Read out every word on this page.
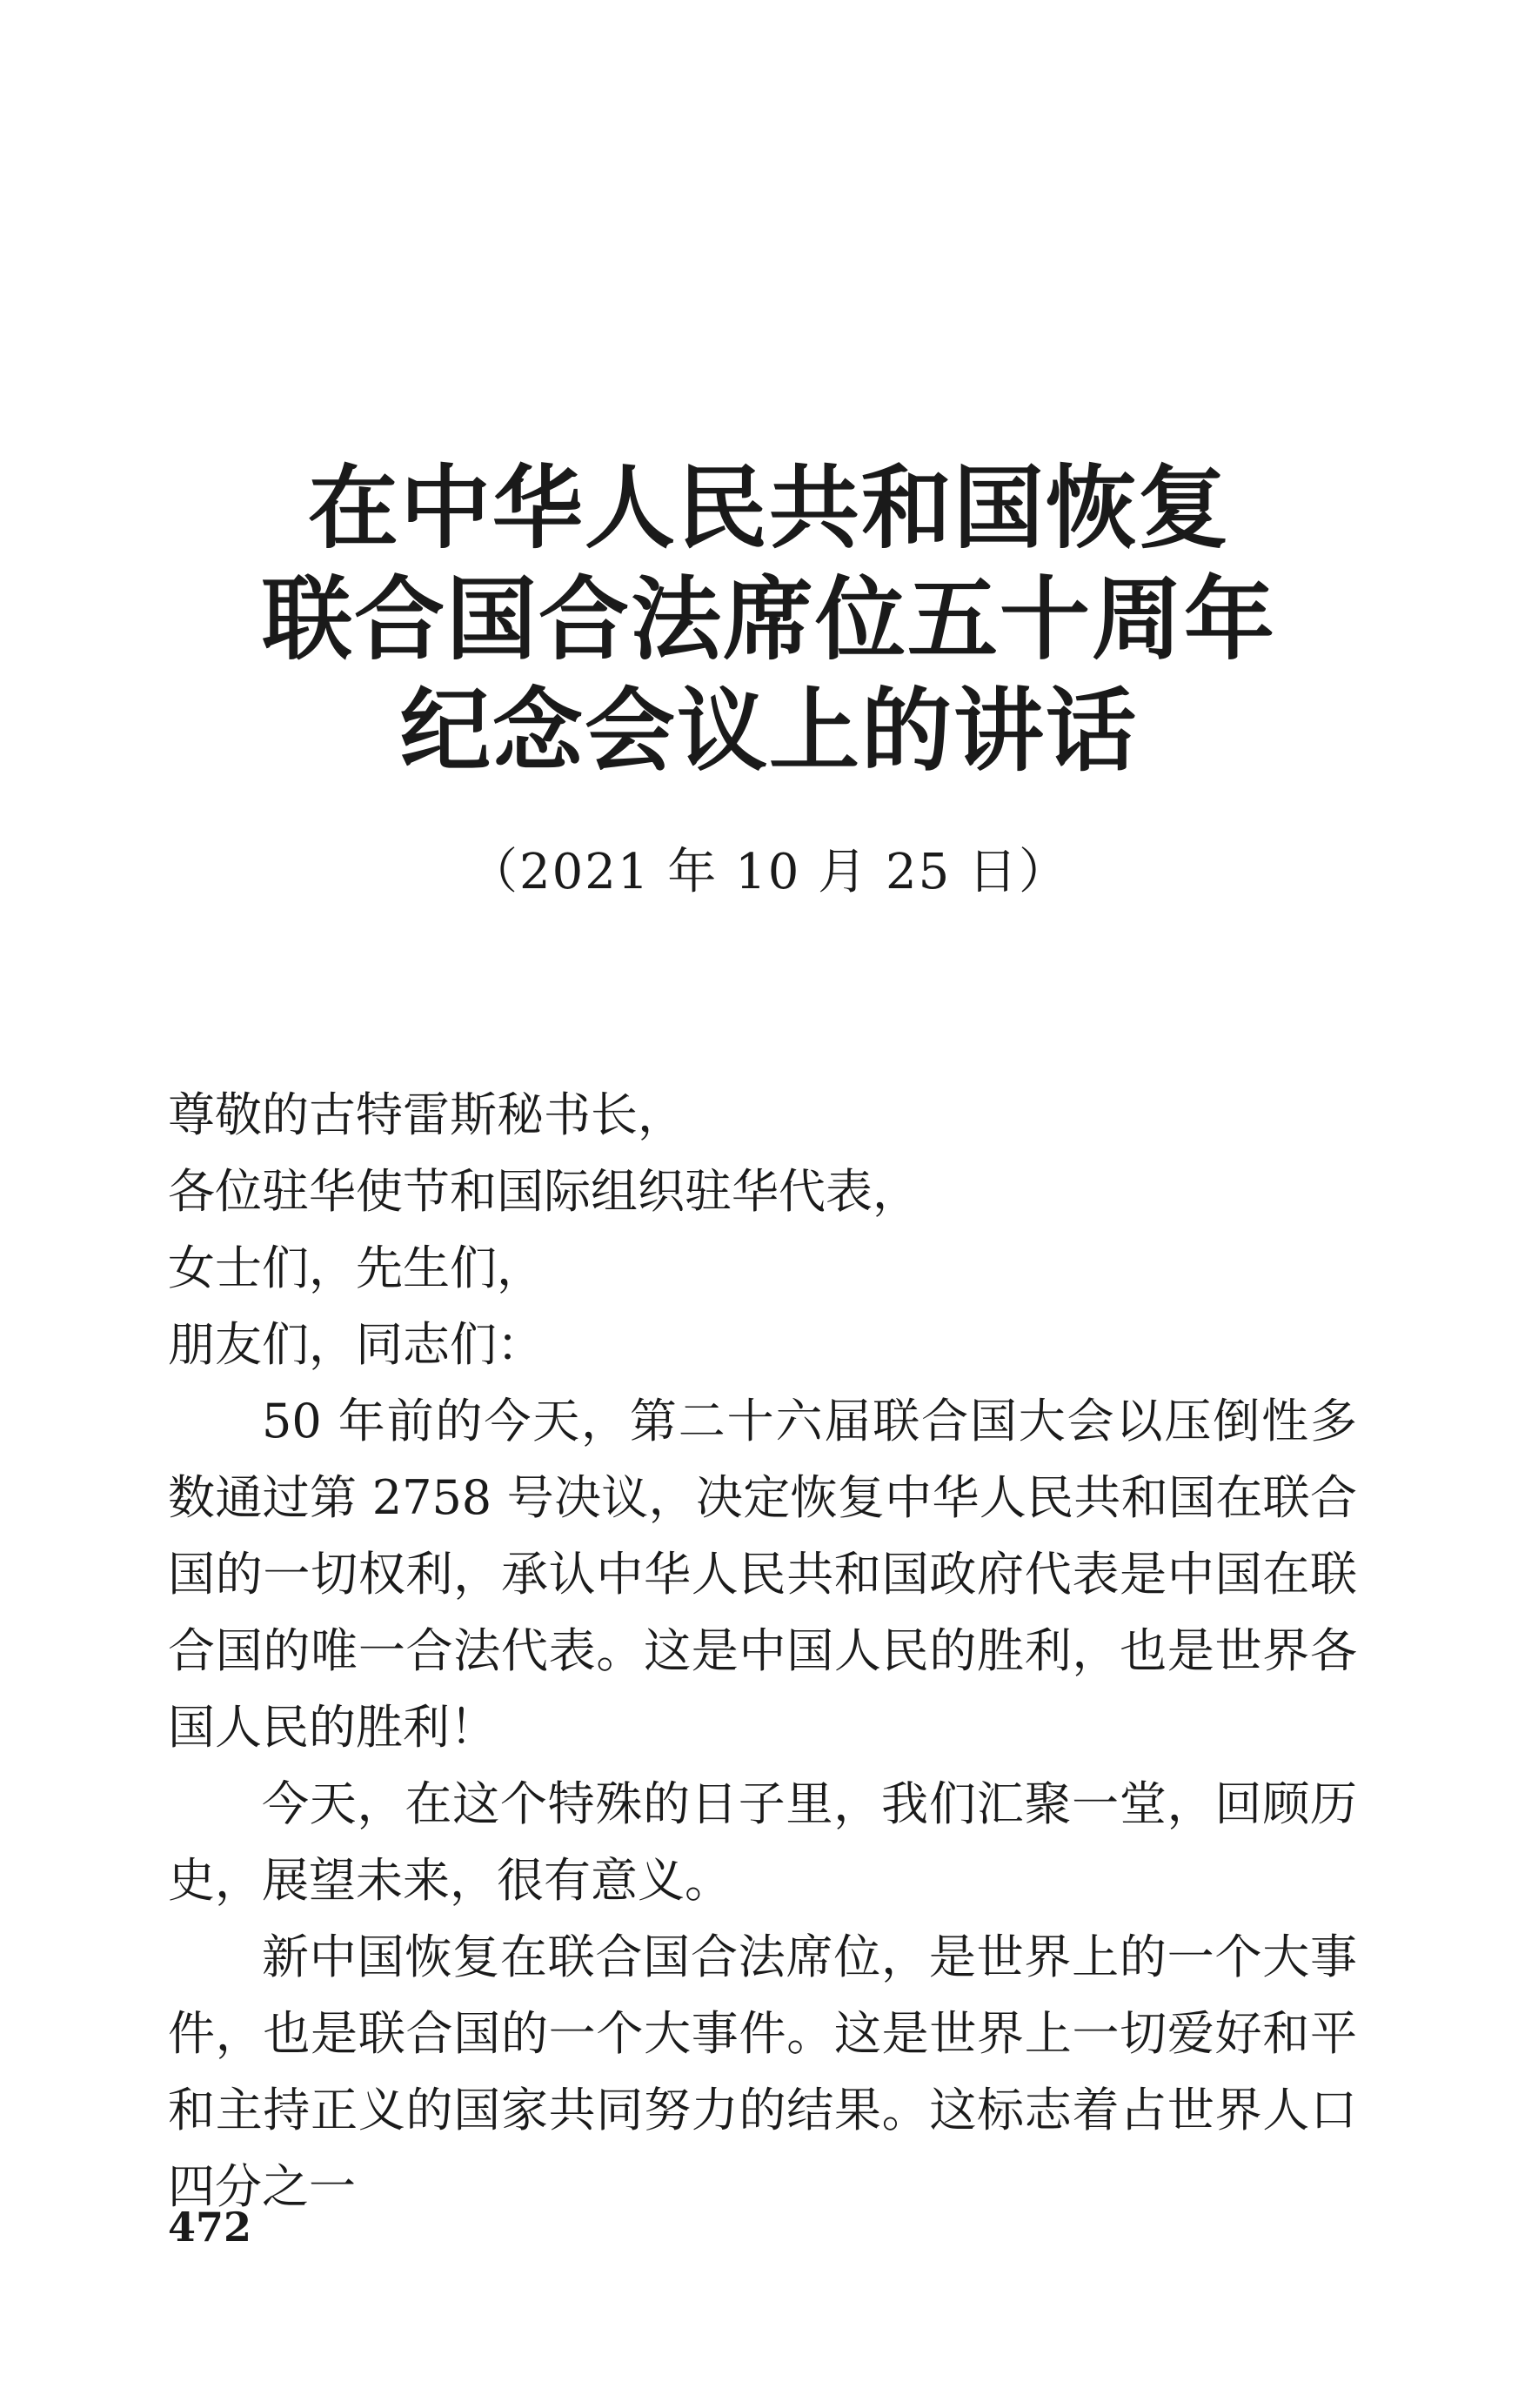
在中华人民共和国恢复
联合国合法席位五十周年
纪念会议上的讲话
（2021 年 10 月 25 日）

尊敬的古特雷斯秘书长，

各位驻华使节和国际组织驻华代表，

女士们，先生们，

朋友们，同志们：

50 年前的今天，第二十六届联合国大会以压倒性多数通过第 2758 号决议，决定恢复中华人民共和国在联合国的一切权利，承认中华人民共和国政府代表是中国在联合国的唯一合法代表。这是中国人民的胜利，也是世界各国人民的胜利！

今天，在这个特殊的日子里，我们汇聚一堂，回顾历史，展望未来，很有意义。

新中国恢复在联合国合法席位，是世界上的一个大事件，也是联合国的一个大事件。这是世界上一切爱好和平和主持正义的国家共同努力的结果。这标志着占世界人口四分之一

472
